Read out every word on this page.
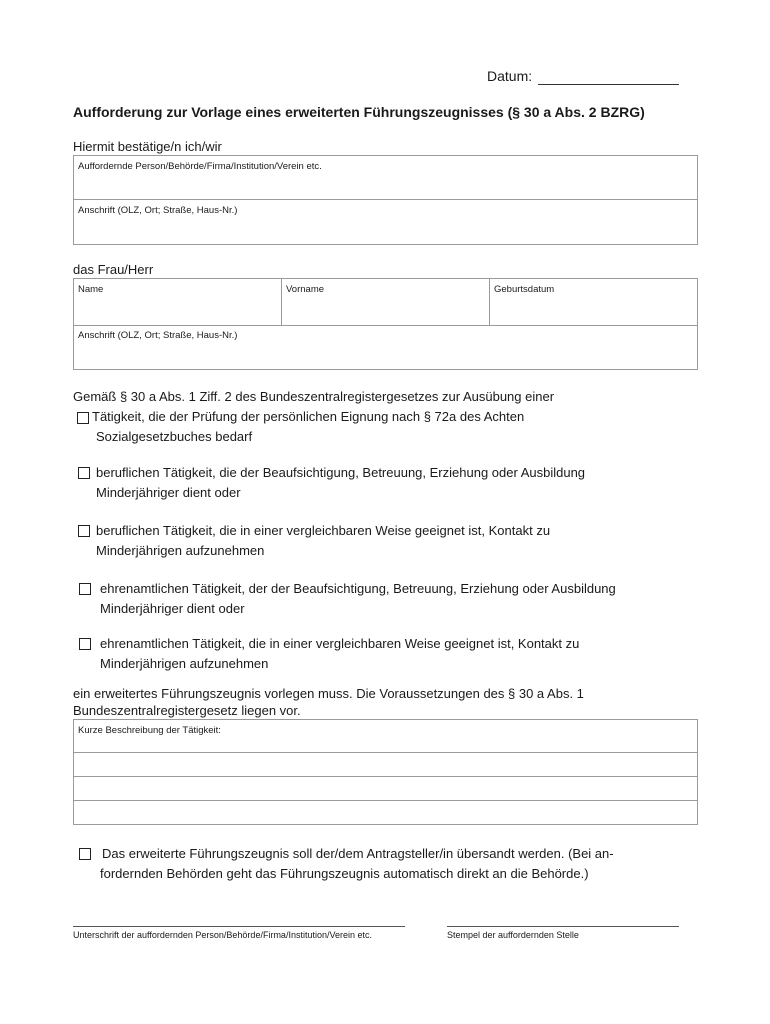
Datum:
Aufforderung zur Vorlage eines erweiterten Führungszeugnisses (§ 30 a Abs. 2 BZRG)
Hiermit bestätige/n ich/wir
Auffordernde Person/Behörde/Firma/Institution/Verein etc.
Anschrift (OLZ, Ort; Straße, Haus-Nr.)
das Frau/Herr
Name	Vorname	Geburtsdatum
Anschrift (OLZ, Ort; Straße, Haus-Nr.)
Gemäß § 30 a Abs. 1 Ziff. 2 des Bundeszentralregistergesetzes zur Ausübung einer
Tätigkeit, die der Prüfung der persönlichen Eignung nach § 72a des Achten
Sozialgesetzbuches bedarf
beruflichen Tätigkeit, die der Beaufsichtigung, Betreuung, Erziehung oder Ausbildung
Minderjähriger dient oder
beruflichen Tätigkeit, die in einer vergleichbaren Weise geeignet ist, Kontakt zu
Minderjährigen aufzunehmen
ehrenamtlichen Tätigkeit, der der Beaufsichtigung, Betreuung, Erziehung oder Ausbildung
Minderjähriger dient oder
ehrenamtlichen Tätigkeit, die in einer vergleichbaren Weise geeignet ist, Kontakt zu
Minderjährigen aufzunehmen
ein erweitertes Führungszeugnis vorlegen muss. Die Voraussetzungen des § 30 a Abs. 1
Bundeszentralregistergesetz liegen vor.
Kurze Beschreibung der Tätigkeit:
Das erweiterte Führungszeugnis soll der/dem Antragsteller/in übersandt werden. (Bei an-
fordernden Behörden geht das Führungszeugnis automatisch direkt an die Behörde.)
Unterschrift der auffordernden Person/Behörde/Firma/Institution/Verein etc.	Stempel der auffordernden Stelle
